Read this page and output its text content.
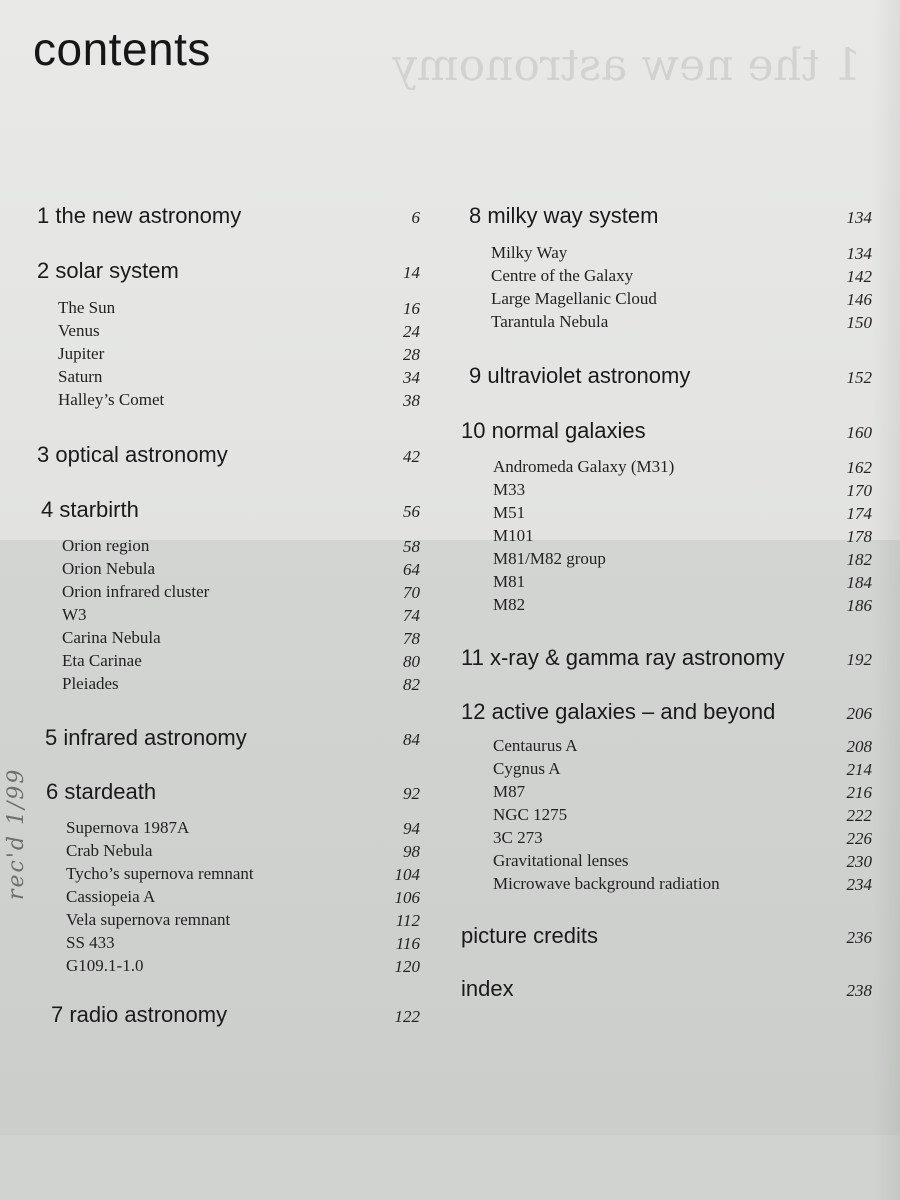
1 the new astronomy
contents
rec'd 1/99
1 the new astronomy	6
2 solar system	14
The Sun	16
Venus	24
Jupiter	28
Saturn	34
Halley’s Comet	38
3 optical astronomy	42
4 starbirth	56
Orion region	58
Orion Nebula	64
Orion infrared cluster	70
W3	74
Carina Nebula	78
Eta Carinae	80
Pleiades	82
5 infrared astronomy	84
6 stardeath	92
Supernova 1987A	94
Crab Nebula	98
Tycho’s supernova remnant	104
Cassiopeia A	106
Vela supernova remnant	112
SS 433	116
G109.1-1.0	120
7 radio astronomy	122
8 milky way system	134
Milky Way	134
Centre of the Galaxy	142
Large Magellanic Cloud	146
Tarantula Nebula	150
9 ultraviolet astronomy	152
10 normal galaxies	160
Andromeda Galaxy (M31)	162
M33	170
M51	174
M101	178
M81/M82 group	182
M81	184
M82	186
11 x-ray & gamma ray astronomy	192
12 active galaxies – and beyond	206
Centaurus A	208
Cygnus A	214
M87	216
NGC 1275	222
3C 273	226
Gravitational lenses	230
Microwave background radiation	234
picture credits	236
index	238
